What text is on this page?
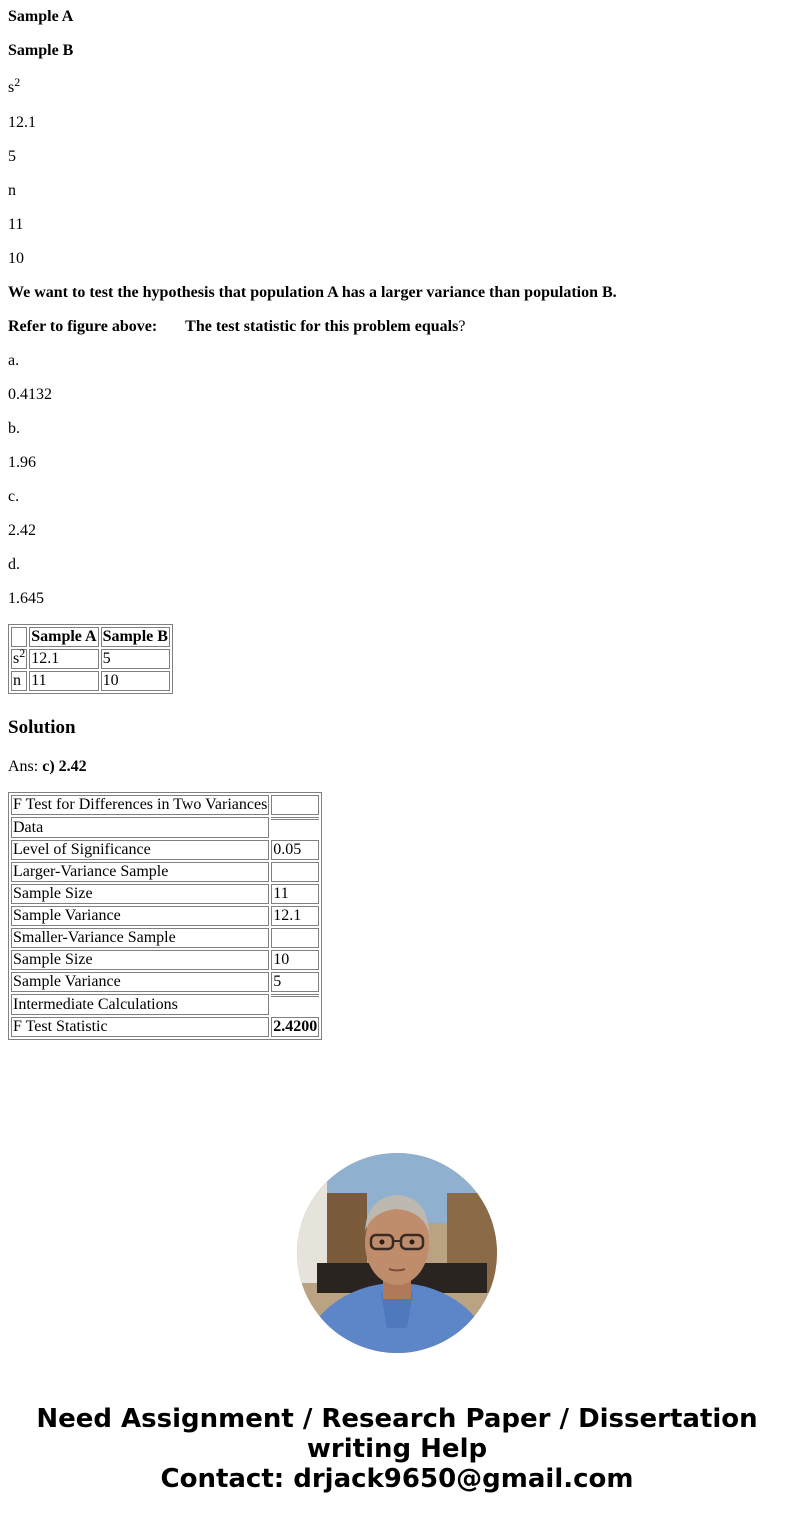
Sample A

Sample B

$s^2$

12.1

5

n

11

10

We want to test the hypothesis that population A has a larger variance than population B.

Refer to figure above: The test statistic for this problem equals?

a.

0.4132

b.

1.96

c.

2.42

d.

1.645

	Sample A	Sample B
$s^2$	12.1	5
n	11	10
Solution

Ans: c) 2.42

F Test for Differences in Two Variances	
Data	
Level of Significance	0.05
Larger-Variance Sample	
Sample Size	11
Sample Variance	12.1
Smaller-Variance Sample	
Sample Size	10
Sample Variance	5
Intermediate Calculations	
F Test Statistic	2.4200
Need Assignment / Research Paper / Dissertation
writing Help
Contact: drjack9650@gmail.com
